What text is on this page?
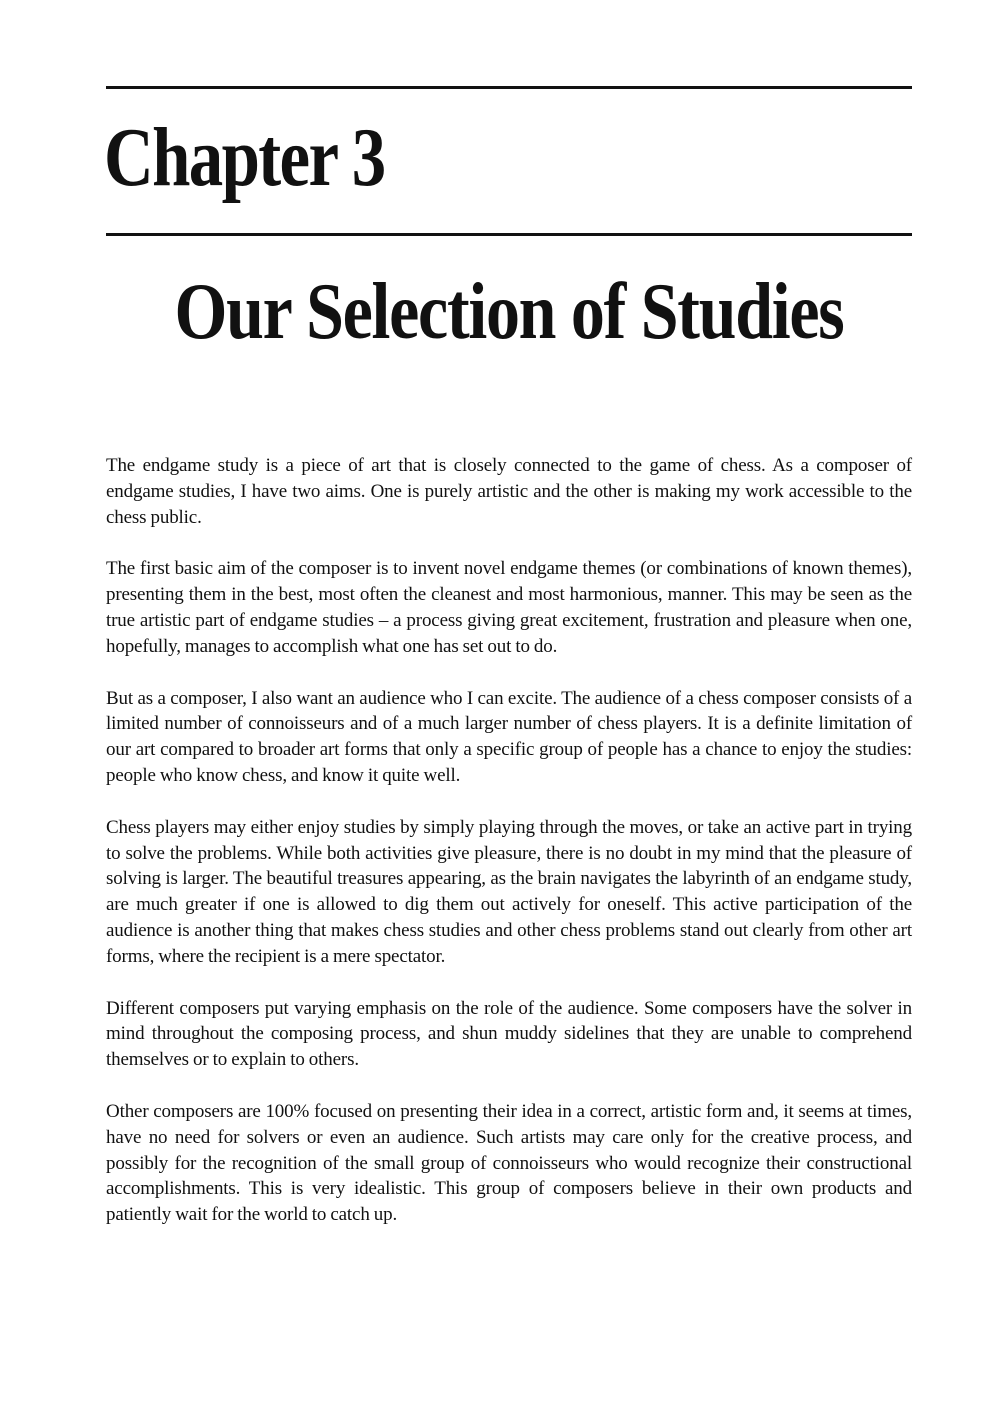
Chapter 3
Our Selection of Studies

The endgame study is a piece of art that is closely connected to the game of chess. As a composer of endgame studies, I have two aims. One is purely artistic and the other is making my work accessible to the chess public.

The first basic aim of the composer is to invent novel endgame themes (or combinations of known themes), presenting them in the best, most often the cleanest and most harmonious, manner. This may be seen as the true artistic part of endgame studies – a process giving great excitement, frustration and pleasure when one, hopefully, manages to accomplish what one has set out to do.

But as a composer, I also want an audience who I can excite. The audience of a chess composer consists of a limited number of connoisseurs and of a much larger number of chess players. It is a definite limitation of our art compared to broader art forms that only a specific group of people has a chance to enjoy the studies: people who know chess, and know it quite well.

Chess players may either enjoy studies by simply playing through the moves, or take an active part in trying to solve the problems. While both activities give pleasure, there is no doubt in my mind that the pleasure of solving is larger. The beautiful treasures appearing, as the brain navigates the labyrinth of an endgame study, are much greater if one is allowed to dig them out actively for oneself. This active participation of the audience is another thing that makes chess studies and other chess problems stand out clearly from other art forms, where the recipient is a mere spectator.

Different composers put varying emphasis on the role of the audience. Some composers have the solver in mind throughout the composing process, and shun muddy sidelines that they are unable to comprehend themselves or to explain to others.

Other composers are 100% focused on presenting their idea in a correct, artistic form and, it seems at times, have no need for solvers or even an audience. Such artists may care only for the creative process, and possibly for the recognition of the small group of connoisseurs who would recognize their constructional accomplishments. This is very idealistic. This group of composers believe in their own products and patiently wait for the world to catch up.
